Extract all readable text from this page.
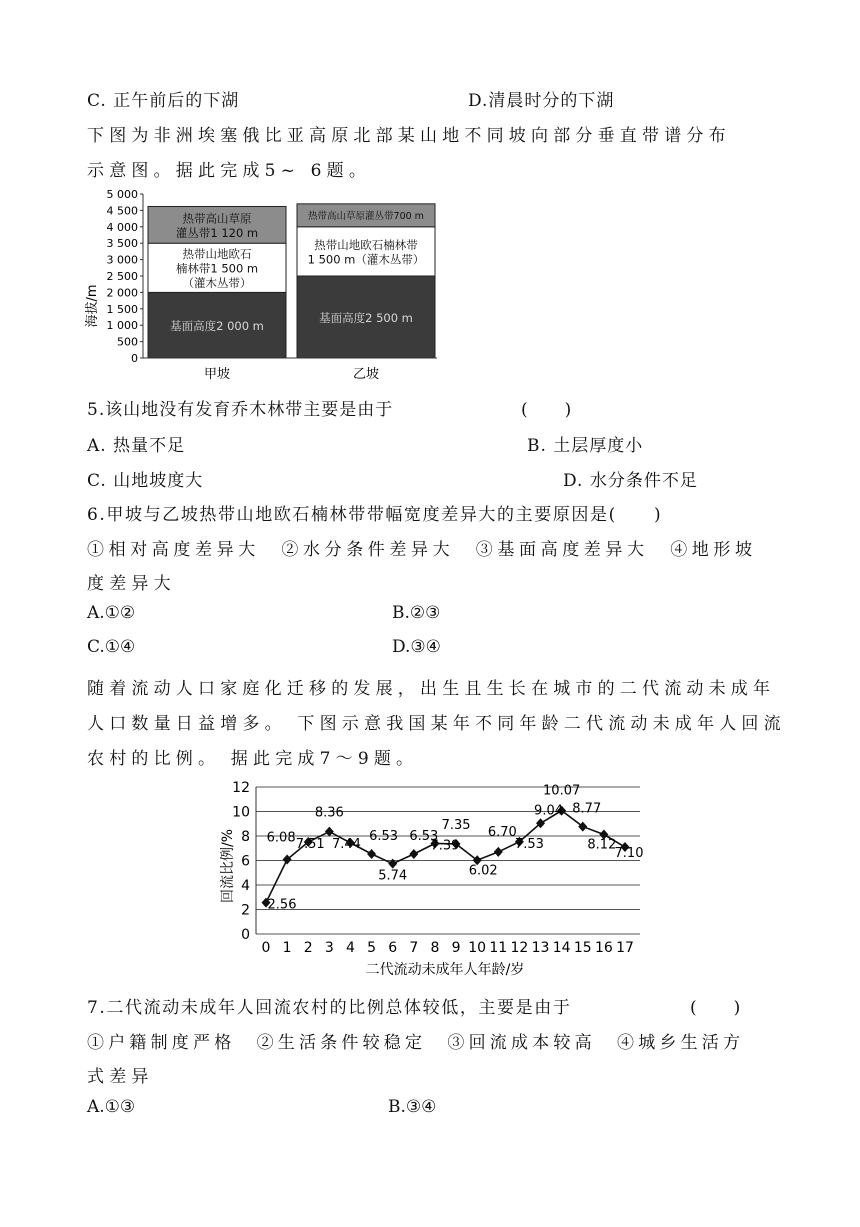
C. 正午前后的下湖	D.清晨时分的下湖
下图为非洲埃塞俄比亚高原北部某山地不同坡向部分垂直带谱分布
示意图。据此完成5~ 6题。
5 000
4 500
4 000
3 500
3 000
2 500
2 000
1 500
1 000
500
0
海拔/m	基面高度2 000 m
热带山地欧石
楠林带1 500 m
（灌木丛带）
热带高山草原
灌丛带1 120 m
甲坡
基面高度2 500 m
热带山地欧石楠林带
1 500 m（灌木丛带）
热带高山草原灌丛带700 m
乙坡
5.该山地没有发育乔木林带主要是由于	(　　)
A. 热量不足	B. 土层厚度小
C. 山地坡度大	D. 水分条件不足
6.甲坡与乙坡热带山地欧石楠林带带幅宽度差异大的主要原因是(　　)
①相对高度差异大　②水分条件差异大　③基面高度差异大　④地形坡
度差异大
A.①②	B.②③
C.①④	D.③④
随着流动人口家庭化迁移的发展，出生且生长在城市的二代流动未成年
人口数量日益增多。 下图示意我国某年不同年龄二代流动未成年人回流
农村的比例。 据此完成7～9题。
0
2
4
6
8
10
12
0 1 2 3 4 5 6 7 8 9 10 11 12 13 14 15 16 17
2.56
6.08 7.51
8.36
7.44
6.53
5.74
6.53
7.39
7.35
6.02
6.70
7.53
9.04
10.07
8.77
8.12
7.10
回流比例/%
二代流动未成年人年龄/岁
7.二代流动未成年人回流农村的比例总体较低，主要是由于	(　　)
①户籍制度严格　②生活条件较稳定　③回流成本较高　④城乡生活方
式差异
A.①③	B.③④
